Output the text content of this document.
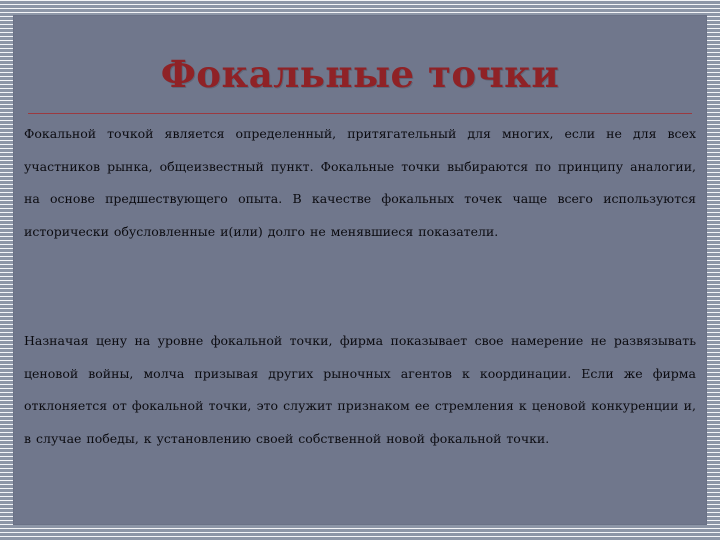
Фокальные точки
Фокальной точкой является определенный, притягательный для многих, если не для всех участников рынка, общеизвестный пункт. Фокальные точки выбираются по принципу аналогии, на основе предшествующего опыта. В качестве фокальных точек чаще всего используются исторически обусловленные и(или) долго не менявшиеся показатели.
Назначая цену на уровне фокальной точки, фирма показывает свое намерение не развязывать ценовой войны, молча призывая других рыночных агентов к координации. Если же фирма отклоняется от фокальной точки, это служит признаком ее стремления к ценовой конкуренции и, в случае победы, к установлению своей собственной новой фокальной точки.
